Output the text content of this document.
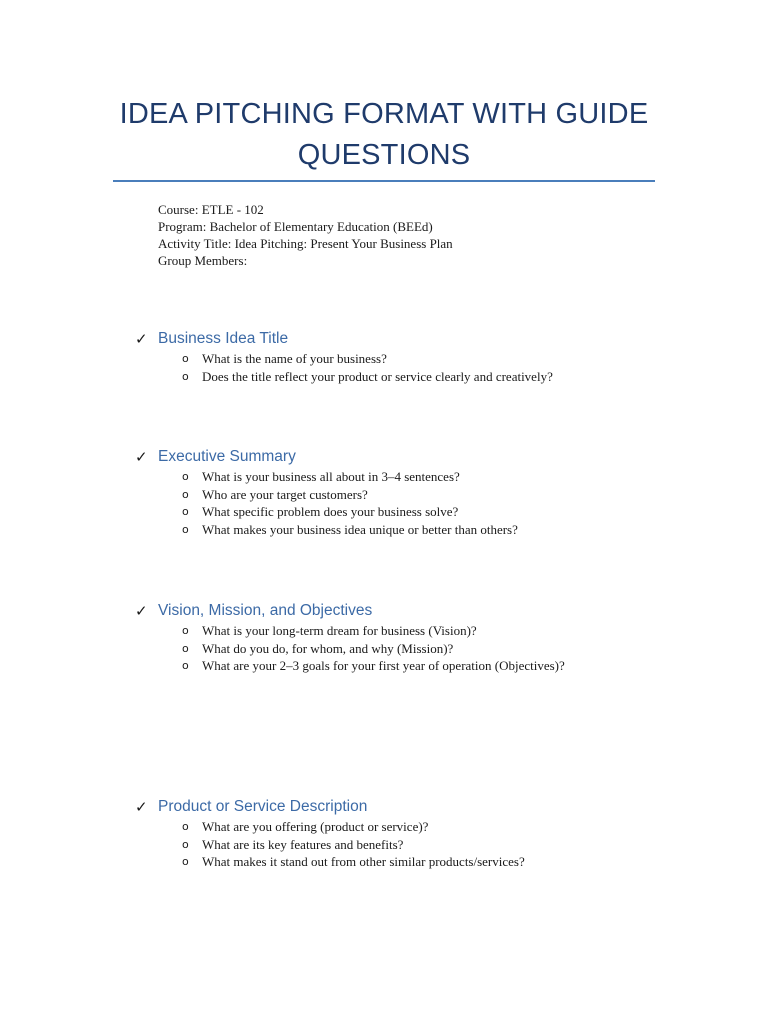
IDEA PITCHING FORMAT WITH GUIDE QUESTIONS
Course: ETLE - 102
Program: Bachelor of Elementary Education (BEEd)
Activity Title: Idea Pitching: Present Your Business Plan
Group Members:
✓ Business Idea Title
o	What is the name of your business?
o	Does the title reflect your product or service clearly and creatively?
✓ Executive Summary
o	What is your business all about in 3–4 sentences?
o	Who are your target customers?
o	What specific problem does your business solve?
o	What makes your business idea unique or better than others?
✓ Vision, Mission, and Objectives
o	What is your long-term dream for business (Vision)?
o	What do you do, for whom, and why (Mission)?
o	What are your 2–3 goals for your first year of operation (Objectives)?
✓ Product or Service Description
o	What are you offering (product or service)?
o	What are its key features and benefits?
o	What makes it stand out from other similar products/services?
